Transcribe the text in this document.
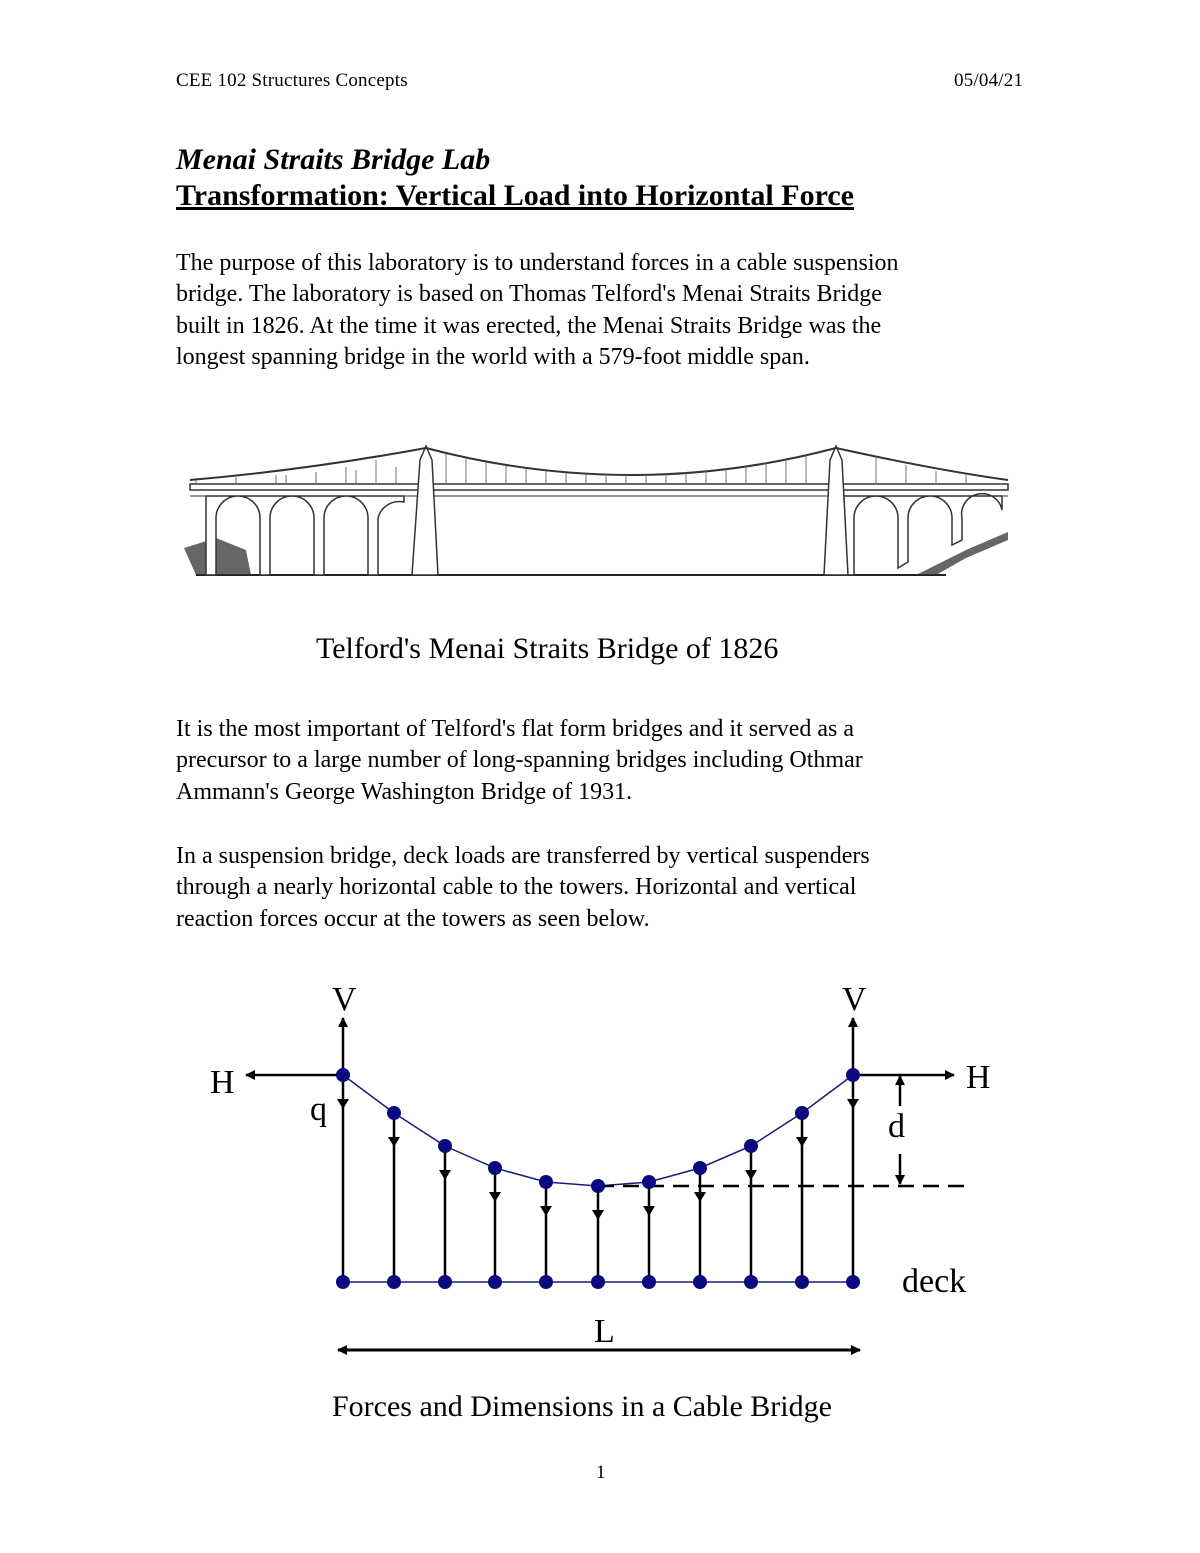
CEE 102 Structures Concepts	05/04/21
Menai Straits Bridge Lab
Transformation: Vertical Load into Horizontal Force
The purpose of this laboratory is to understand forces in a cable suspension
bridge. The laboratory is based on Thomas Telford's Menai Straits Bridge
built in 1826. At the time it was erected, the Menai Straits Bridge was the
longest spanning bridge in the world with a 579-foot middle span.
Telford's Menai Straits Bridge of 1826
It is the most important of Telford's flat form bridges and it served as a
precursor to a large number of long-spanning bridges including Othmar
Ammann's George Washington Bridge of 1931.
In a suspension bridge, deck loads are transferred by vertical suspenders
through a nearly horizontal cable to the towers. Horizontal and vertical
reaction forces occur at the towers as seen below.
V	V
H	H
q	d
deck
L
Forces and Dimensions in a Cable Bridge
1
